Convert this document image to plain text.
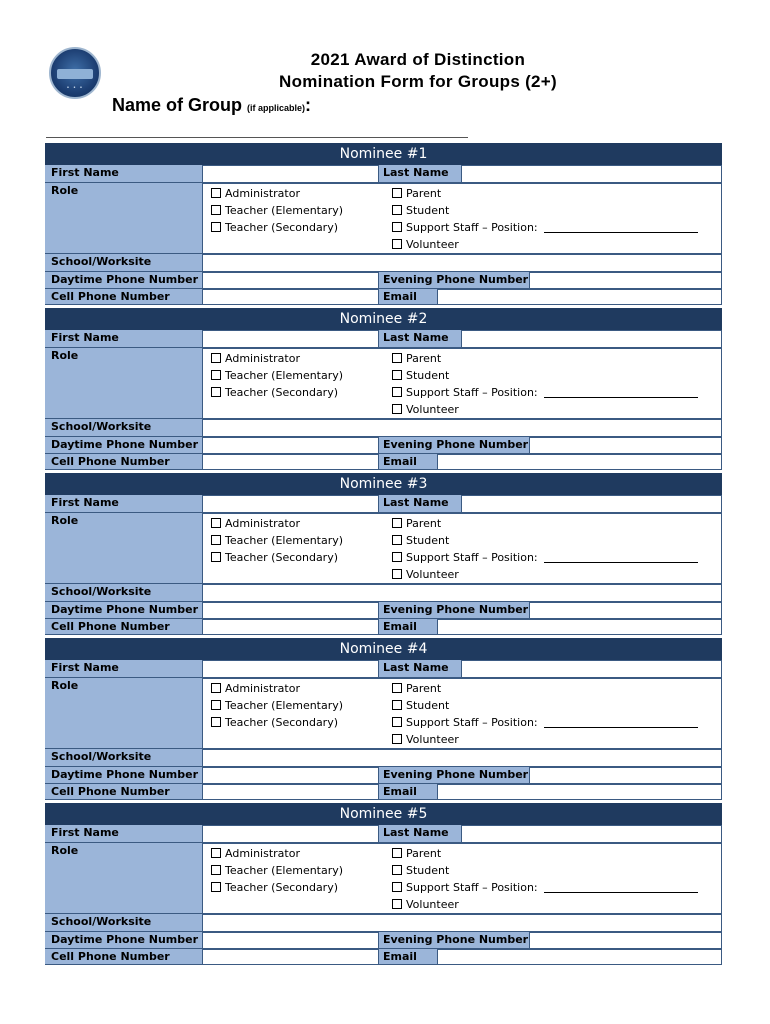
• • •
2021 Award of Distinction
Nomination Form for Groups (2+)
Name of Group (if applicable):
Nominee #1
First Name	Last Name
Role	Administrator
Teacher (Elementary)
Teacher (Secondary)
Parent
Student
Support Staff – Position:
Volunteer
School/Worksite
Daytime Phone Number	Evening Phone Number
Cell Phone Number	Email
Nominee #2
First Name	Last Name
Role	Administrator
Teacher (Elementary)
Teacher (Secondary)
Parent
Student
Support Staff – Position:
Volunteer
School/Worksite
Daytime Phone Number	Evening Phone Number
Cell Phone Number	Email
Nominee #3
First Name	Last Name
Role	Administrator
Teacher (Elementary)
Teacher (Secondary)
Parent
Student
Support Staff – Position:
Volunteer
School/Worksite
Daytime Phone Number	Evening Phone Number
Cell Phone Number	Email
Nominee #4
First Name	Last Name
Role	Administrator
Teacher (Elementary)
Teacher (Secondary)
Parent
Student
Support Staff – Position:
Volunteer
School/Worksite
Daytime Phone Number	Evening Phone Number
Cell Phone Number	Email
Nominee #5
First Name	Last Name
Role	Administrator
Teacher (Elementary)
Teacher (Secondary)
Parent
Student
Support Staff – Position:
Volunteer
School/Worksite
Daytime Phone Number	Evening Phone Number
Cell Phone Number	Email
